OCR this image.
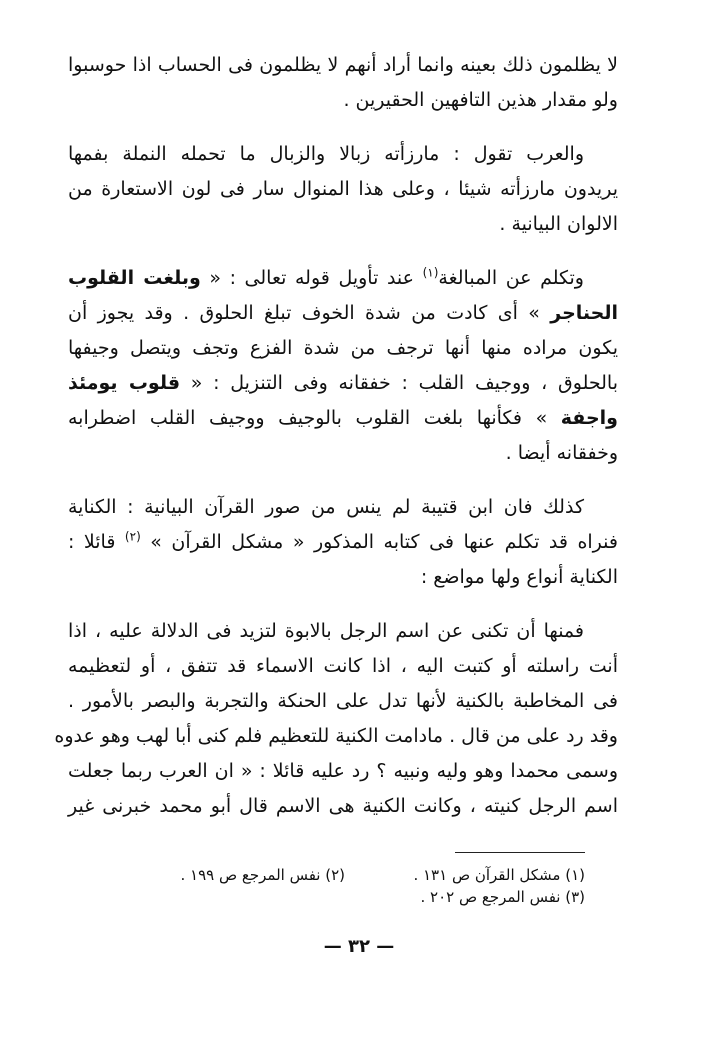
لا يظلمون ذلك بعينه وانما أراد أنهم لا يظلمون فى الحساب اذا حوسبوا
ولو مقدار هذين التافهين الحقيرين .
والعرب تقول : مارزأته زبالا والزبال ما تحمله النملة بفمها
يريدون مارزأته شيئا ، وعلى هذا المنوال سار فى لون الاستعارة من
الالوان البيانية .
وتكلم عن المبالغة$^{(١)}$ عند تأويل قوله تعالى : « وبلغت القلوب
الحناجر » أى كادت من شدة الخوف تبلغ الحلوق . وقد يجوز أن
يكون مراده منها أنها ترجف من شدة الفزع وتجف ويتصل وجيفها
بالحلوق ، ووجيف القلب : خفقانه وفى التنزيل : « قلوب يومئذ
واجفة » فكأنها بلغت القلوب بالوجيف ووجيف القلب اضطرابه
وخفقانه أيضا .
كذلك فان ابن قتيبة لم ينس من صور القرآن البيانية : الكناية
فنراه قد تكلم عنها فى كتابه المذكور « مشكل القرآن » $^{(٢)}$ قائلا :
الكناية أنواع ولها مواضع :
فمنها أن تكنى عن اسم الرجل بالابوة لتزيد فى الدلالة عليه ، اذا
أنت راسلته أو كتبت اليه ، اذا كانت الاسماء قد تتفق ، أو لتعظيمه
فى المخاطبة بالكنية لأنها تدل على الحنكة والتجربة والبصر بالأمور .
وقد رد على من قال . مادامت الكنية للتعظيم فلم كنى أبا لهب وهو عدوه
وسمى محمدا وهو وليه ونبيه ؟ رد عليه قائلا : « ان العرب ربما جعلت
اسم الرجل كنيته ، وكانت الكنية هى الاسم قال أبو محمد خبرنى غير
(١) مشكل القرآن ص ١٣١ .
(٢) نفس المرجع ص ١٩٩ .
(٣) نفس المرجع ص ٢٠٢ .
— ٣٢ —
